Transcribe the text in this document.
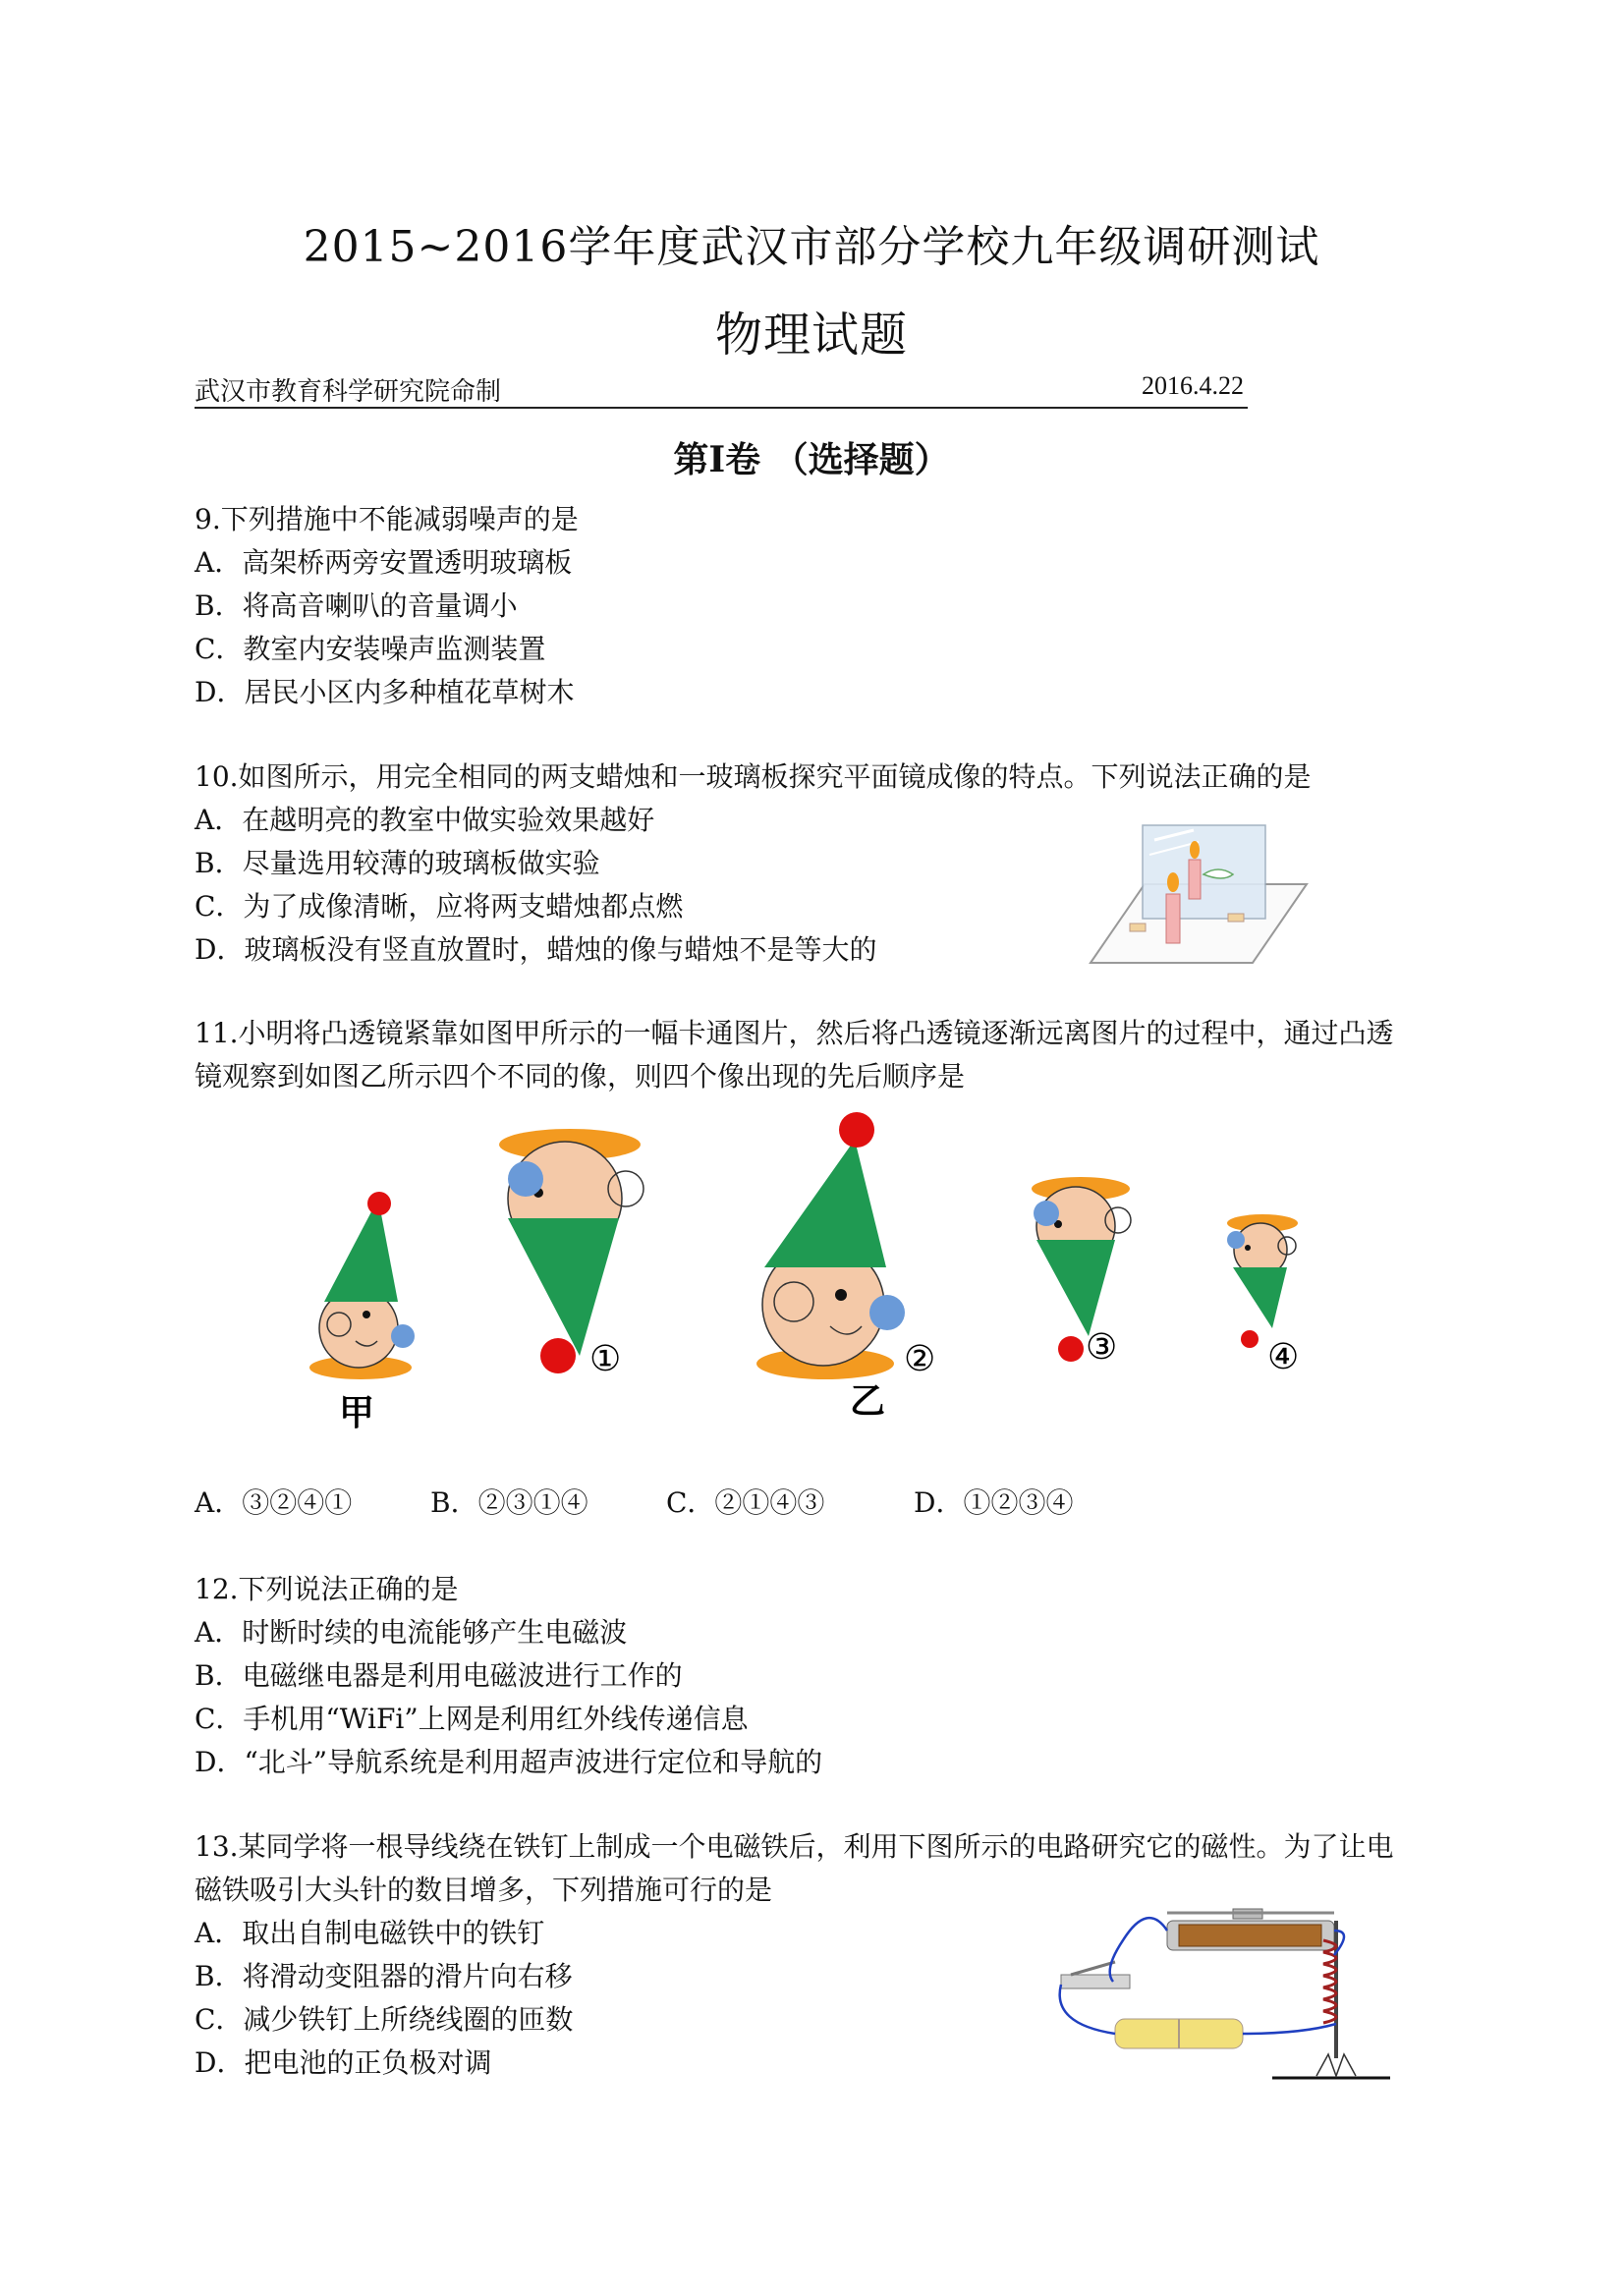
2015~2016学年度武汉市部分学校九年级调研测试
物理试题
武汉市教育科学研究院命制	2016.4.22
第Ⅰ卷 （选择题）
9.下列措施中不能减弱噪声的是
A．高架桥两旁安置透明玻璃板
B．将高音喇叭的音量调小
C．教室内安装噪声监测装置
D．居民小区内多种植花草树木
10.如图所示，用完全相同的两支蜡烛和一玻璃板探究平面镜成像的特点。下列说法正确的是
A．在越明亮的教室中做实验效果越好
B．尽量选用较薄的玻璃板做实验
C．为了成像清晰，应将两支蜡烛都点燃
D．玻璃板没有竖直放置时，蜡烛的像与蜡烛不是等大的
11.小明将凸透镜紧靠如图甲所示的一幅卡通图片，然后将凸透镜逐渐远离图片的过程中，通过凸透
镜观察到如图乙所示四个不同的像，则四个像出现的先后顺序是
甲
①	②
乙
③	④
A．③②④①	B．②③①④	C．②①④③	D．①②③④
12.下列说法正确的是
A．时断时续的电流能够产生电磁波
B．电磁继电器是利用电磁波进行工作的
C．手机用“WiFi”上网是利用红外线传递信息
D．“北斗”导航系统是利用超声波进行定位和导航的
13.某同学将一根导线绕在铁钉上制成一个电磁铁后，利用下图所示的电路研究它的磁性。为了让电
磁铁吸引大头针的数目增多，下列措施可行的是
A．取出自制电磁铁中的铁钉
B．将滑动变阻器的滑片向右移
C．减少铁钉上所绕线圈的匝数
D．把电池的正负极对调
